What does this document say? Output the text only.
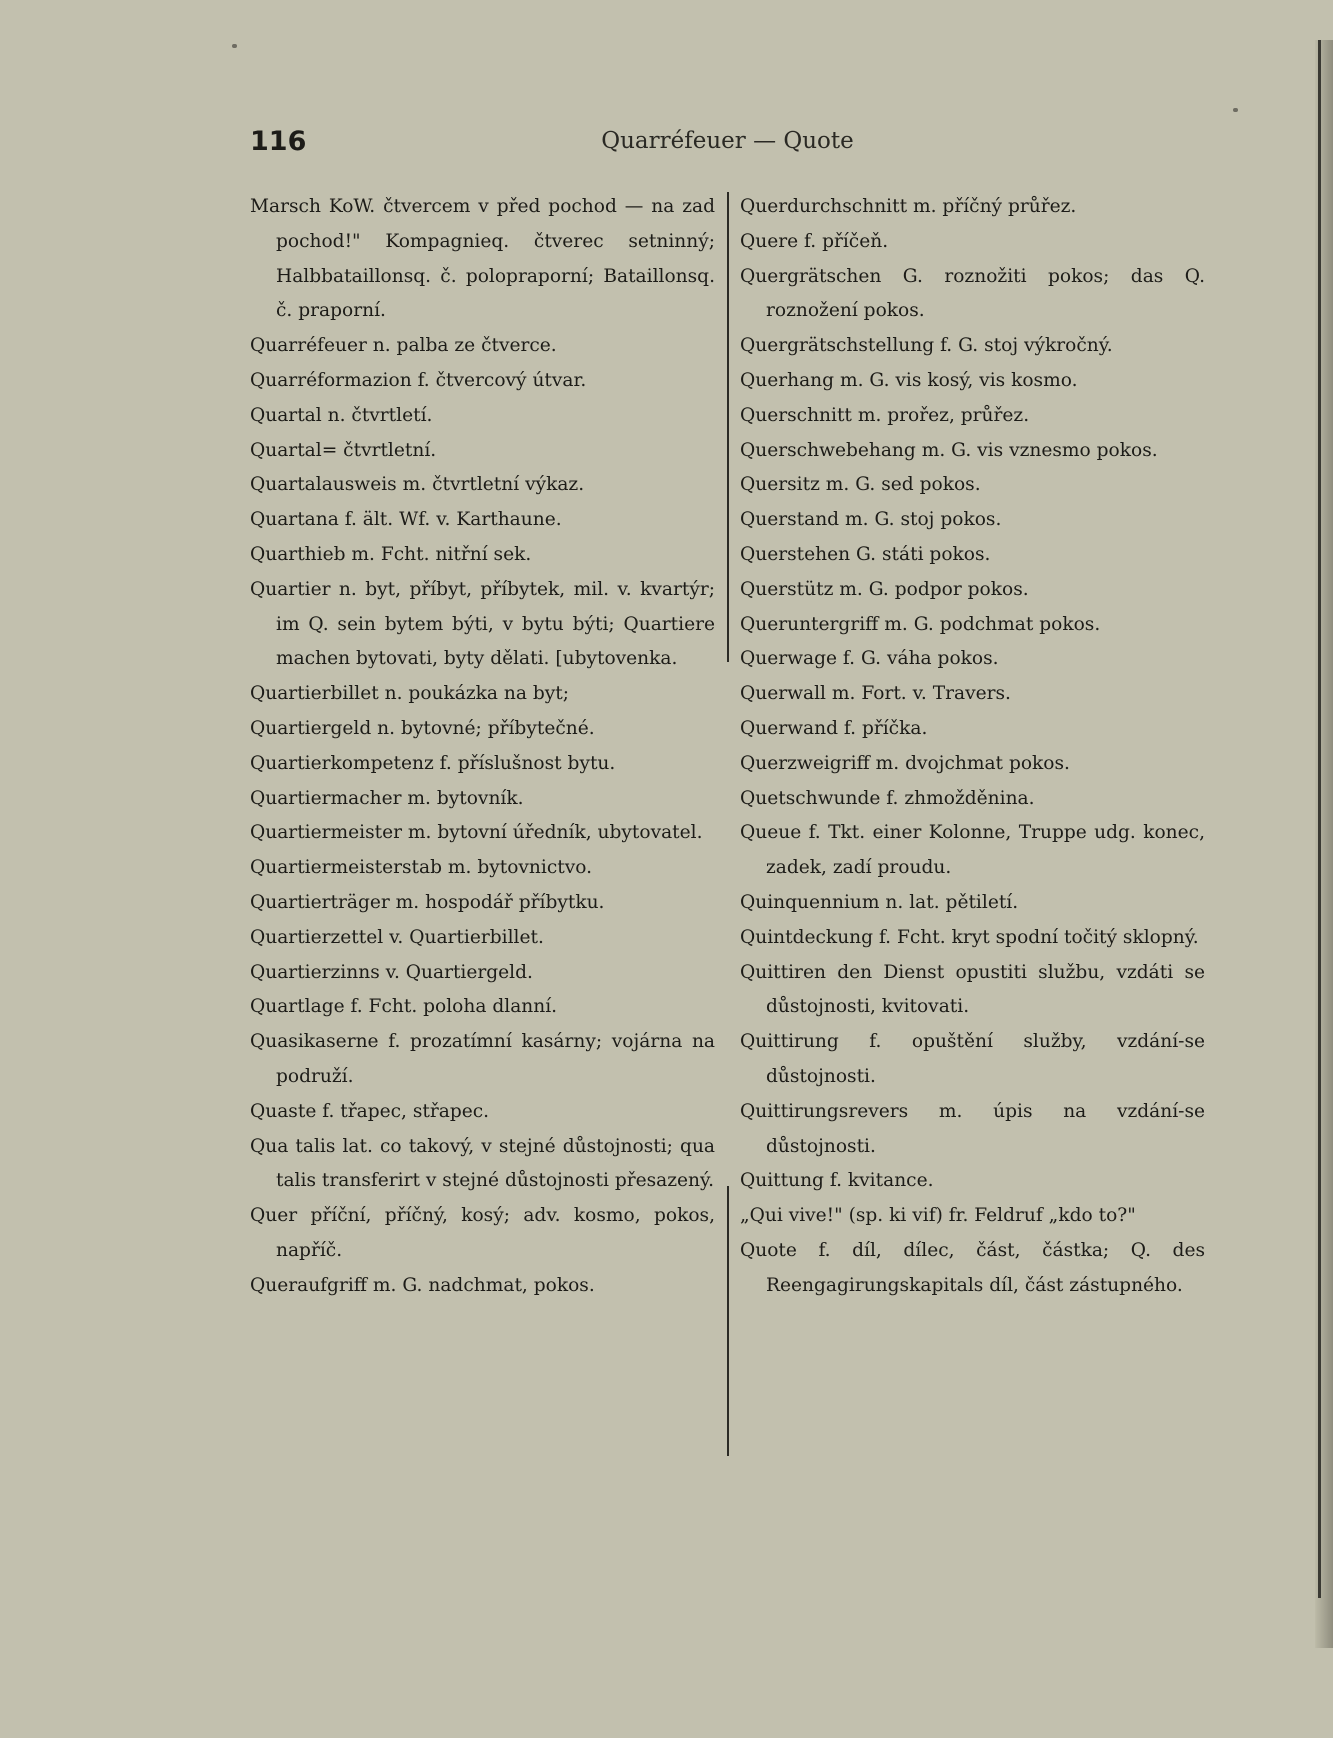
116	Quarréfeuer — Quote
Marsch KoW. čtvercem v před pochod — na zad pochod!" Kompagnieq. čtverec setninný; Halbbataillonsq. č. polopraporní; Bataillonsq. č. praporní.
Quarréfeuer n. palba ze čtverce.
Quarréformazion f. čtvercový útvar.
Quartal n. čtvrtletí.
Quartal= čtvrtletní.
Quartalausweis m. čtvrtletní výkaz.
Quartana f. ält. Wf. v. Karthaune.
Quarthieb m. Fcht. nitřní sek.
Quartier n. byt, příbyt, příbytek, mil. v. kvartýr; im Q. sein bytem býti, v bytu býti; Quartiere machen bytovati, byty dělati. [ubytovenka.
Quartierbillet n. poukázka na byt;
Quartiergeld n. bytovné; příbytečné.
Quartierkompetenz f. příslušnost bytu.
Quartiermacher m. bytovník.
Quartiermeister m. bytovní úředník, ubytovatel.
Quartiermeisterstab m. bytovnictvo.
Quartierträger m. hospodář příbytku.
Quartierzettel v. Quartierbillet.
Quartierzinns v. Quartiergeld.
Quartlage f. Fcht. poloha dlanní.
Quasikaserne f. prozatímní kasárny; vojárna na podruží.
Quaste f. třapec, střapec.
Qua talis lat. co takový, v stejné důstojnosti; qua talis transferirt v stejné důstojnosti přesazený.
Quer příční, příčný, kosý; adv. kosmo, pokos, napříč.
Queraufgriff m. G. nadchmat, pokos.
Querdurchschnitt m. příčný průřez.
Quere f. příčeň.
Quergrätschen G. roznožiti pokos; das Q. roznožení pokos.
Quergrätschstellung f. G. stoj výkročný.
Querhang m. G. vis kosý, vis kosmo.
Querschnitt m. prořez, průřez.
Querschwebehang m. G. vis vznesmo pokos.
Quersitz m. G. sed pokos.
Querstand m. G. stoj pokos.
Querstehen G. státi pokos.
Querstütz m. G. podpor pokos.
Queruntergriff m. G. podchmat pokos.
Querwage f. G. váha pokos.
Querwall m. Fort. v. Travers.
Querwand f. příčka.
Querzweigriff m. dvojchmat pokos.
Quetschwunde f. zhmožděnina.
Queue f. Tkt. einer Kolonne, Truppe udg. konec, zadek, zadí proudu.
Quinquennium n. lat. pětiletí.
Quintdeckung f. Fcht. kryt spodní točitý sklopný.
Quittiren den Dienst opustiti službu, vzdáti se důstojnosti, kvitovati.
Quittirung f. opuštění služby, vzdání-se důstojnosti.
Quittirungsrevers m. úpis na vzdání-se důstojnosti.
Quittung f. kvitance.
„Qui vive!" (sp. ki vif) fr. Feldruf „kdo to?"
Quote f. díl, dílec, část, částka; Q. des Reengagirungskapitals díl, část zástupného.
